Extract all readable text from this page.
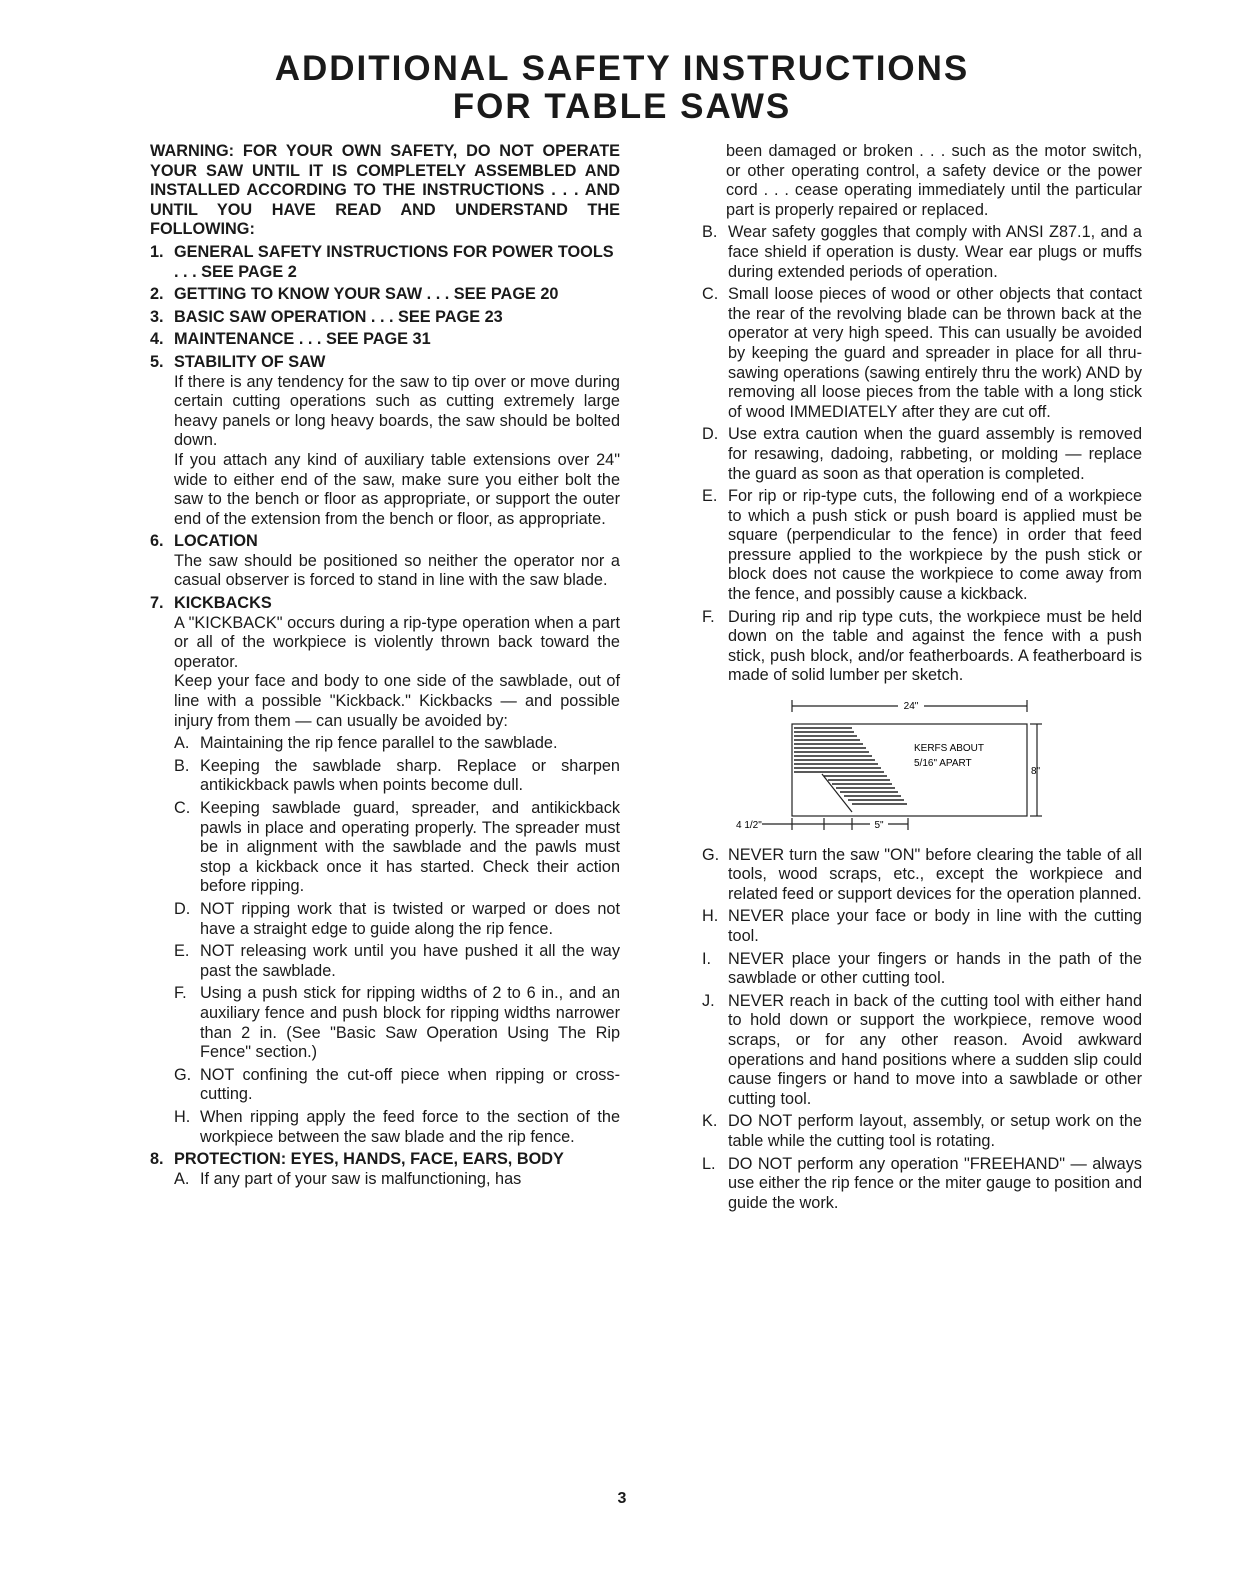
ADDITIONAL SAFETY INSTRUCTIONS
FOR TABLE SAWS
WARNING: FOR YOUR OWN SAFETY, DO NOT OPERATE YOUR SAW UNTIL IT IS COMPLETELY ASSEMBLED AND INSTALLED ACCORDING TO THE INSTRUCTIONS . . . AND UNTIL YOU HAVE READ AND UNDERSTAND THE FOLLOWING:
1. GENERAL SAFETY INSTRUCTIONS FOR POWER TOOLS . . . SEE PAGE 2
2. GETTING TO KNOW YOUR SAW . . . SEE PAGE 20
3. BASIC SAW OPERATION . . . SEE PAGE 23
4. MAINTENANCE . . . SEE PAGE 31
5. STABILITY OF SAW
If there is any tendency for the saw to tip over or move during certain cutting operations such as cutting extremely large heavy panels or long heavy boards, the saw should be bolted down.
If you attach any kind of auxiliary table extensions over 24" wide to either end of the saw, make sure you either bolt the saw to the bench or floor as appropriate, or support the outer end of the extension from the bench or floor, as appropriate.
6. LOCATION
The saw should be positioned so neither the operator nor a casual observer is forced to stand in line with the saw blade.
7. KICKBACKS
A "KICKBACK" occurs during a rip-type operation when a part or all of the workpiece is violently thrown back toward the operator.
Keep your face and body to one side of the sawblade, out of line with a possible "Kickback." Kickbacks — and possible injury from them — can usually be avoided by:
A. Maintaining the rip fence parallel to the sawblade.
B. Keeping the sawblade sharp. Replace or sharpen antikickback pawls when points become dull.
C. Keeping sawblade guard, spreader, and antikickback pawls in place and operating properly. The spreader must be in alignment with the sawblade and the pawls must stop a kickback once it has started. Check their action before ripping.
D. NOT ripping work that is twisted or warped or does not have a straight edge to guide along the rip fence.
E. NOT releasing work until you have pushed it all the way past the sawblade.
F. Using a push stick for ripping widths of 2 to 6 in., and an auxiliary fence and push block for ripping widths narrower than 2 in. (See "Basic Saw Operation Using The Rip Fence" section.)
G. NOT confining the cut-off piece when ripping or cross-cutting.
H. When ripping apply the feed force to the section of the workpiece between the saw blade and the rip fence.
8. PROTECTION: EYES, HANDS, FACE, EARS, BODY
A. If any part of your saw is malfunctioning, has
been damaged or broken . . . such as the motor switch, or other operating control, a safety device or the power cord . . . cease operating immediately until the particular part is properly repaired or replaced.
B. Wear safety goggles that comply with ANSI Z87.1, and a face shield if operation is dusty. Wear ear plugs or muffs during extended periods of operation.
C. Small loose pieces of wood or other objects that contact the rear of the revolving blade can be thrown back at the operator at very high speed. This can usually be avoided by keeping the guard and spreader in place for all thru-sawing operations (sawing entirely thru the work) AND by removing all loose pieces from the table with a long stick of wood IMMEDIATELY after they are cut off.
D. Use extra caution when the guard assembly is removed for resawing, dadoing, rabbeting, or molding — replace the guard as soon as that operation is completed.
E. For rip or rip-type cuts, the following end of a workpiece to which a push stick or push board is applied must be square (perpendicular to the fence) in order that feed pressure applied to the workpiece by the push stick or block does not cause the workpiece to come away from the fence, and possibly cause a kickback.
F. During rip and rip type cuts, the workpiece must be held down on the table and against the fence with a push stick, push block, and/or featherboards. A featherboard is made of solid lumber per sketch.
24"
KERFS ABOUT
5/16" APART
8"
5"
4 1/2"
G. NEVER turn the saw "ON" before clearing the table of all tools, wood scraps, etc., except the workpiece and related feed or support devices for the operation planned.
H. NEVER place your face or body in line with the cutting tool.
I.	NEVER place your fingers or hands in the path of the sawblade or other cutting tool.
J. NEVER reach in back of the cutting tool with either hand to hold down or support the workpiece, remove wood scraps, or for any other reason. Avoid awkward operations and hand positions where a sudden slip could cause fingers or hand to move into a sawblade or other cutting tool.
K. DO NOT perform layout, assembly, or setup work on the table while the cutting tool is rotating.
L. DO NOT perform any operation "FREEHAND" — always use either the rip fence or the miter gauge to position and guide the work.
3
